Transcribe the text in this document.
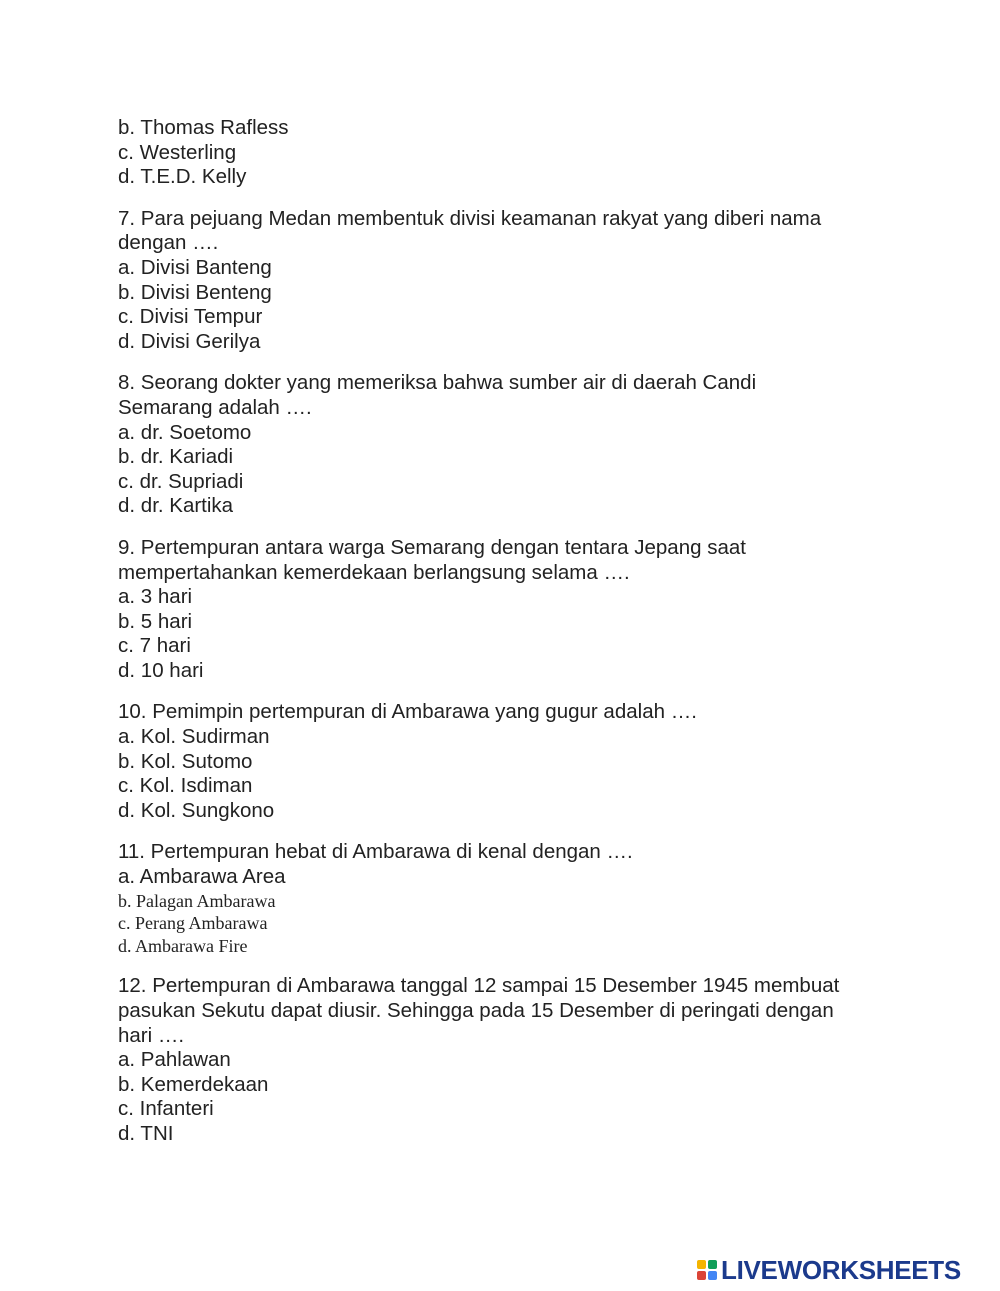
b. Thomas Rafless

c. Westerling

d. T.E.D. Kelly

7. Para pejuang Medan membentuk divisi keamanan rakyat yang diberi nama

dengan ….

a. Divisi Banteng

b. Divisi Benteng

c. Divisi Tempur

d. Divisi Gerilya

8. Seorang dokter yang memeriksa bahwa sumber air di daerah Candi

Semarang adalah ….

a. dr. Soetomo

b. dr. Kariadi

c. dr. Supriadi

d. dr. Kartika

9. Pertempuran antara warga Semarang dengan tentara Jepang saat

mempertahankan kemerdekaan berlangsung selama ….

a. 3 hari

b. 5 hari

c. 7 hari

d. 10 hari

10. Pemimpin pertempuran di Ambarawa yang gugur adalah ….

a. Kol. Sudirman

b. Kol. Sutomo

c. Kol. Isdiman

d. Kol. Sungkono

11. Pertempuran hebat di Ambarawa di kenal dengan ….

a. Ambarawa Area

b. Palagan Ambarawa

c. Perang Ambarawa

d. Ambarawa Fire

12. Pertempuran di Ambarawa tanggal 12 sampai 15 Desember 1945 membuat

pasukan Sekutu dapat diusir. Sehingga pada 15 Desember di peringati dengan

hari ….

a. Pahlawan

b. Kemerdekaan

c. Infanteri

d. TNI

LIVEWORKSHEETS
